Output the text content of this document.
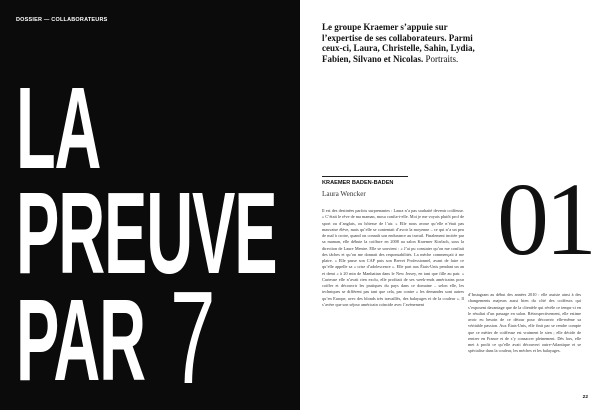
DOSSIER — COLLABORATEURS
LA
PREUVE
PAR 7

Le groupe Kraemer s’appuie sur l’expertise de ses collaborateurs. Parmi ceux-ci, Laura, Christelle, Sahin, Lydia, Fabien, Silvano et Nicolas. Portraits.

01
KRAEMER BADEN-BADEN
Laura Wencker

Il est des destinées parfois surprenantes : Laura n’a pas souhaité devenir coiffeuse. « C’était le rêve de ma maman, mosa confia-t-elle. Moi je me voyais plutôt prof de sport ou d’anglais, ou hôtesse de l’air. » Elle nous avoue qu’elle n’était pas mauvaise élève, mais qu’elle se contentait d’avoir la moyenne – ce qui n’a un peu de mal à croire, quand on connaît son endurance au travail. Finalement incitée par sa maman, elle débute la coiffure en 2008 au salon Kraemer Kirrlach, sous la direction de Laure Mentre. Elle se souvient : « J’ai pu constater qu’on me confiait des tâches et qu’on me donnait des responsabilités. La mèche commençait à me plaire. » Elle passe son CAP puis son Brevet Professionnel, avant de faire ce qu’elle appelle sa « crise d’adolescence ». Elle part aux États-Unis pendant un an et demi « à 20 min de Manhattan dans le New Jersey, en tant que fille au pair. » Curieuse elle n’avait rien exclu, elle profitait de ses week-ends américains pour coiffer et découvrir les pratiques du pays dans ce domaine – selon elle, les techniques se diffèrent pas tant que cela, par contre « les demandes sont autres qu’en Europe, avec des blonds très travaillés, des balayages et de la couleur ». Il s’avère que son séjour américain coïncide avec l’avènement

d’Instagram au début des années 2010 : elle assiste ainsi à des changements majeurs aussi bien du côté des coiffeurs qui s’exposent davantage que de la clientèle qui révèle ce temps-ci en le résultat d’un passage en salon. Rétrospectivement, elle estime avoir eu besoin de ce détour pour découvrir elle-même sa véritable passion. Aux États-Unis, elle finit par se rendre compte que ce métier de coiffeuse est vraiment le sien ; elle décide de rentrer en France et de s’y consacrer pleinement. Dès lors, elle met à profit ce qu’elle avait découvert outre-Atlantique et se spécialise dans la couleur, les mèches et les balayages.

22
